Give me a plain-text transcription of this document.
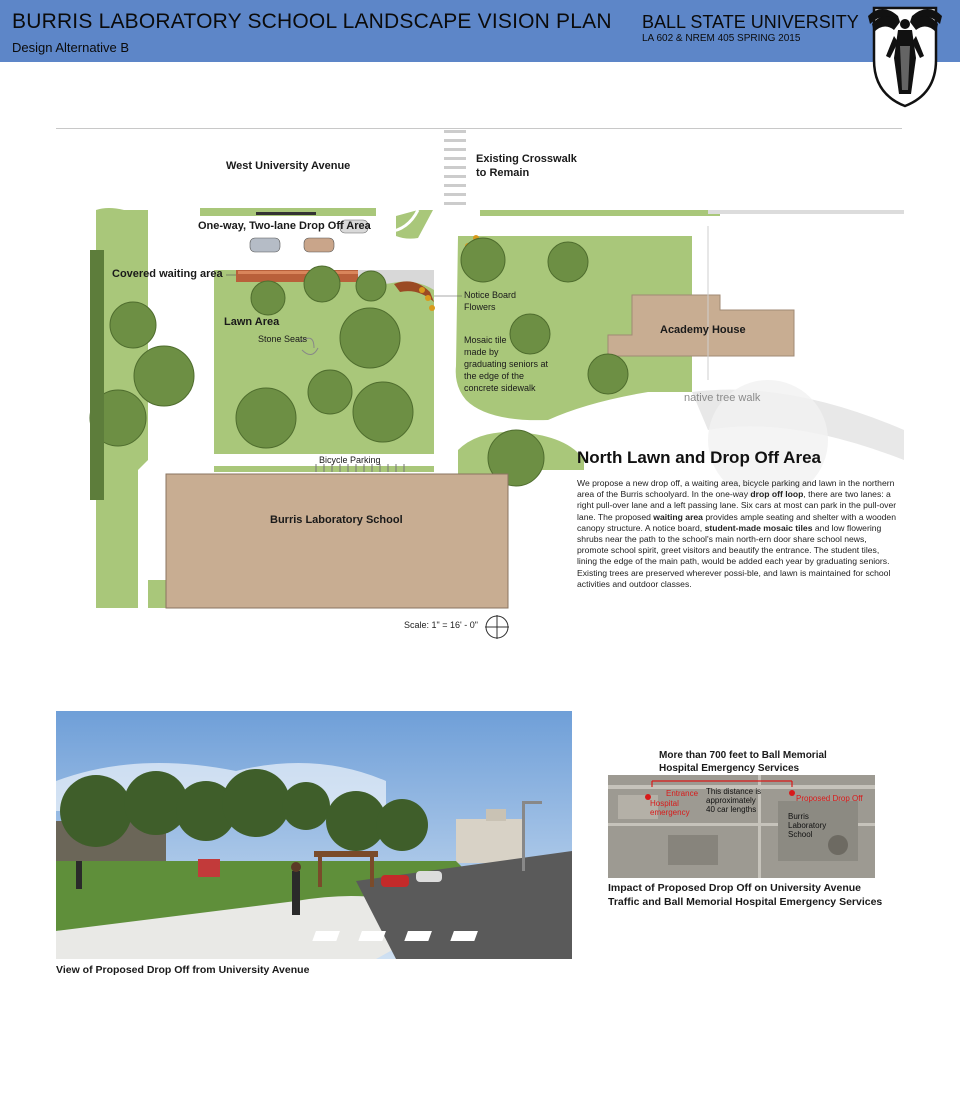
BURRIS LABORATORY SCHOOL LANDSCAPE VISION PLAN
Design Alternative B
BALL STATE UNIVERSITY
LA 602 & NREM 405 SPRING 2015
West University Avenue
Existing Crosswalk
to Remain
One-way, Two-lane Drop Off Area
Covered waiting area
Lawn Area
Stone Seats
Notice Board
Flowers
Mosaic tile
made by
graduating seniors at
the edge of the
concrete sidewalk
Academy House
native tree walk
Bicycle Parking
Burris Laboratory School
North Lawn and Drop Off Area

We propose a new drop off, a waiting area, bicycle parking and lawn in the northern area of the Burris schoolyard. In the one-way drop off loop, there are two lanes: a right pull-over lane and a left passing lane. Six cars at most can park in the pull-over lane. The proposed waiting area provides ample seating and shelter with a wooden canopy structure. A notice board, student-made mosaic tiles and low flowering shrubs near the path to the school's main north-ern door share school news, promote school spirit, greet visitors and beautify the entrance. The student tiles, lining the edge of the main path, would be added each year by graduating seniors. Existing trees are preserved wherever possi-ble, and lawn is maintained for school activities and outdoor classes.

Scale: 1" = 16' - 0"
View of Proposed Drop Off from University Avenue
More than 700 feet to Ball Memorial
Hospital Emergency Services
Entrance
Hospital
emergency
This distance is
approximately
40 car lengths
Proposed Drop Off
Burris
Laboratory
School
Impact of Proposed Drop Off on University Avenue
Traffic and Ball Memorial Hospital Emergency Services
